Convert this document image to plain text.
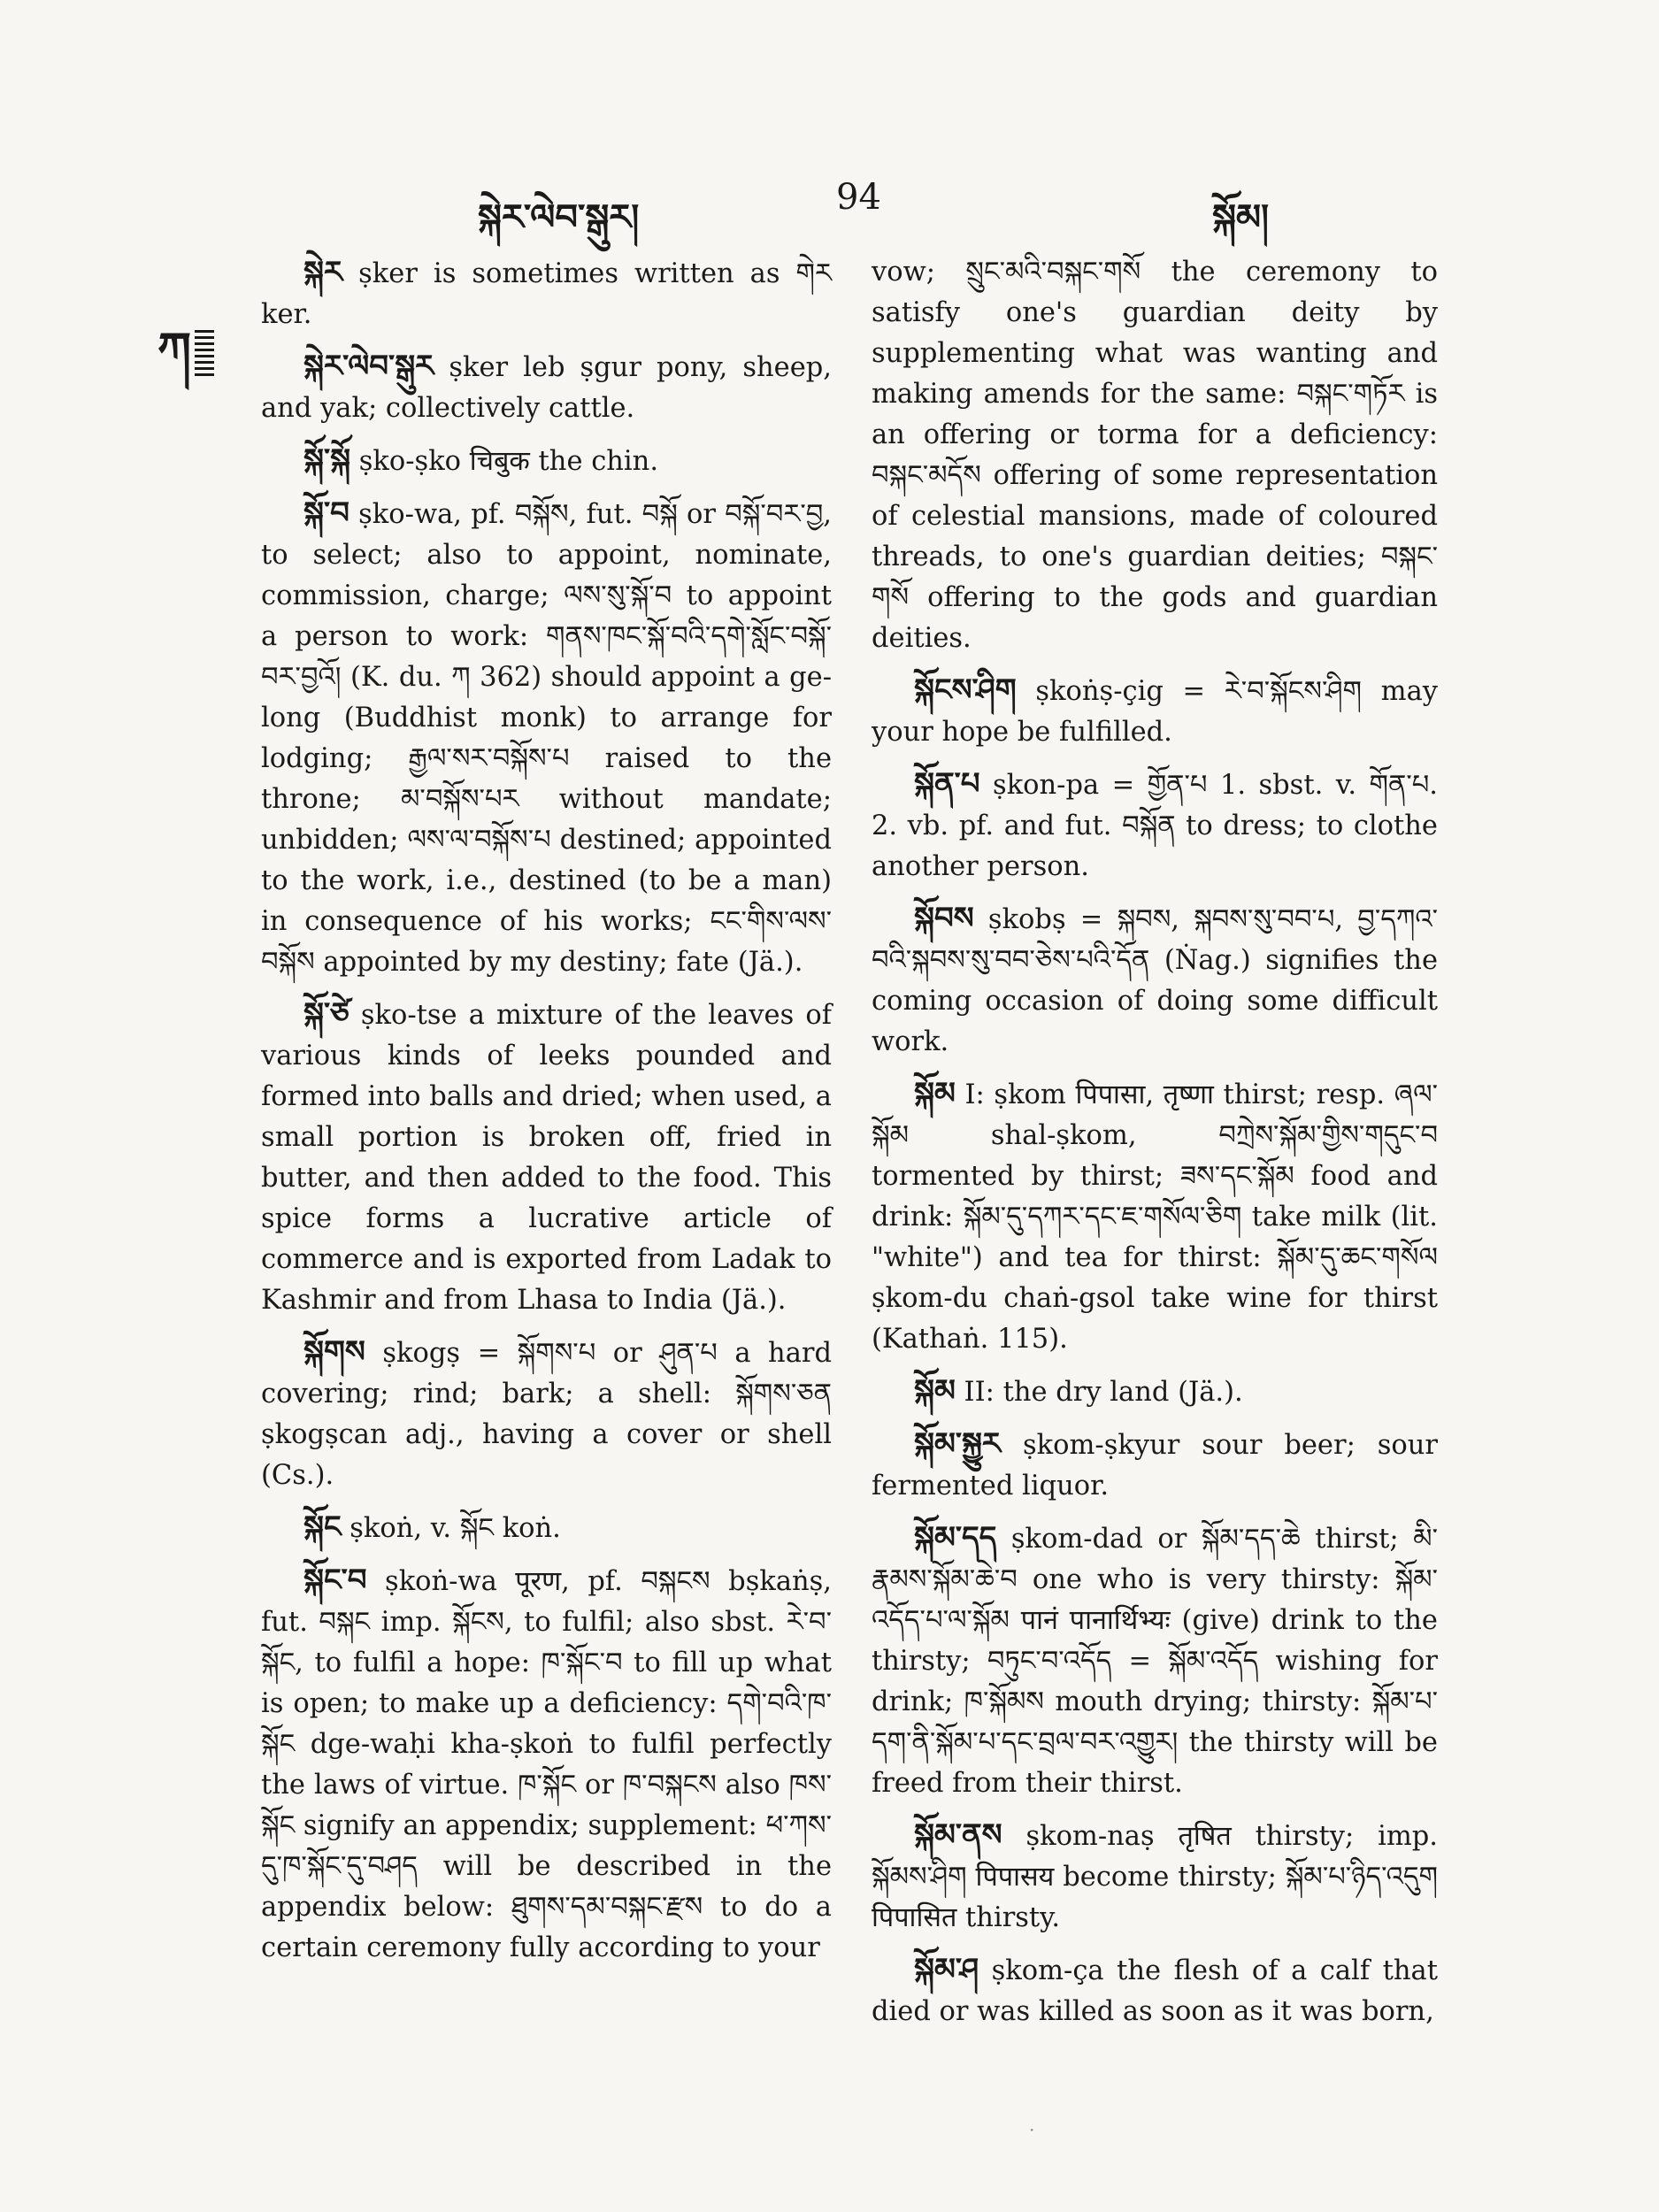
སྐེར་ལེབ་སྒུར།	94	སྐོམ།
ཀ

སྐེར ṣker is sometimes written as གེར ker.

སྐེར་ལེབ་སྒུར ṣker leb ṣgur pony, sheep, and yak; collectively cattle.

སྐོ་སྐོ ṣko-ṣko चिबुक the chin.

སྐོ་བ ṣko-wa, pf. བསྐོས, fut. བསྐོ or བསྐོ་བར་བྱ, to select; also to appoint, nominate, commission, charge; ལས་སུ་སྐོ་བ to appoint a person to work: གནས་ཁང་སྐོ་བའི་དགེ་སློང་བསྐོ་བར་བྱའོ། (K. du. ཀ 362) should appoint a ge-long (Buddhist monk) to arrange for lodging; རྒྱལ་སར་བསྐོས་པ raised to the throne; མ་བསྐོས་པར without mandate; unbidden; ལས་ལ་བསྐོས་པ destined; appointed to the work, i.e., destined (to be a man) in consequence of his works; ངང་གིས་ལས་བསྐོས appointed by my destiny; fate (Jä.).

སྐོ་ཙེ ṣko-tse a mixture of the leaves of various kinds of leeks pounded and formed into balls and dried; when used, a small portion is broken off, fried in butter, and then added to the food. This spice forms a lucrative article of commerce and is exported from Ladak to Kashmir and from Lhasa to India (Jä.).

སྐོགས ṣkogṣ = སྐོགས་པ or ཤུན་པ a hard covering; rind; bark; a shell: སྐོགས་ཅན ṣkogṣcan adj., having a cover or shell (Cs.).

སྐོང ṣkoṅ, v. སྐོང koṅ.

སྐོང་བ ṣkoṅ-wa पूरण, pf. བསྐངས bṣkaṅṣ, fut. བསྐང imp. སྐོངས, to fulfil; also sbst. རེ་བ་སྐོང, to fulfil a hope: ཁ་སྐོང་བ to fill up what is open; to make up a deficiency: དགེ་བའི་ཁ་སྐོང dge-waḥi kha-ṣkoṅ to fulfil perfectly the laws of virtue. ཁ་སྐོང or ཁ་བསྐངས also ཁས་སྐོང signify an appendix; supplement: ཕ་ཀས་དུ་ཁ་སྐོང་དུ་བཤད will be described in the appendix below: ཐུགས་དམ་བསྐང་རྫས to do a certain ceremony fully according to your

vow; སྲུང་མའི་བསྐང་གསོ the ceremony to satisfy one's guardian deity by supplementing what was wanting and making amends for the same: བསྐང་གཏོར is an offering or torma for a deficiency: བསྐང་མདོས offering of some representation of celestial mansions, made of coloured threads, to one's guardian deities; བསྐང་གསོ offering to the gods and guardian deities.

སྐོངས་ཤིག ṣkoṅṣ-çig = རེ་བ་སྐོངས་ཤིག may your hope be fulfilled.

སྐོན་པ ṣkon-pa = གྱོན་པ 1. sbst. v. གོན་པ. 2. vb. pf. and fut. བསྐོན to dress; to clothe another person.

སྐོབས ṣkobṣ = སྐབས, སྐབས་སུ་བབ་པ, བྱ་དཀའ་བའི་སྐབས་སུ་བབ་ཅེས་པའི་དོན (Ṅag.) signifies the coming occasion of doing some difficult work.

སྐོམ I: ṣkom पिपासा, तृष्णा thirst; resp. ཞལ་སྐོམ shal-ṣkom, བཀྲེས་སྐོམ་གྱིས་གདུང་བ tormented by thirst; ཟས་དང་སྐོམ food and drink: སྐོམ་དུ་དཀར་དང་ཇ་གསོལ་ཅིག take milk (lit. "white") and tea for thirst: སྐོམ་དུ་ཆང་གསོལ ṣkom-du chaṅ-gsol take wine for thirst (Kathaṅ. 115).

སྐོམ II: the dry land (Jä.).

སྐོམ་སྐྱུར ṣkom-ṣkyur sour beer; sour fermented liquor.

སྐོམ་དད ṣkom-dad or སྐོམ་དད་ཆེ thirst; མི་རྣམས་སྐོམ་ཆེ་བ one who is very thirsty: སྐོམ་འདོད་པ་ལ་སྐོམ पानं पानार्थिभ्यः (give) drink to the thirsty; བཏུང་བ་འདོད = སྐོམ་འདོད wishing for drink; ཁ་སྐོམས mouth drying; thirsty: སྐོམ་པ་དག་ནི་སྐོམ་པ་དང་བྲལ་བར་འགྱུར། the thirsty will be freed from their thirst.

སྐོམ་ནས ṣkom-naṣ तृषित thirsty; imp. སྐོམས་ཤིག पिपासय become thirsty; སྐོམ་པ་ཉིད་འདུག पिपासित thirsty.

སྐོམ་ཤ ṣkom-ça the flesh of a calf that died or was killed as soon as it was born,

·
